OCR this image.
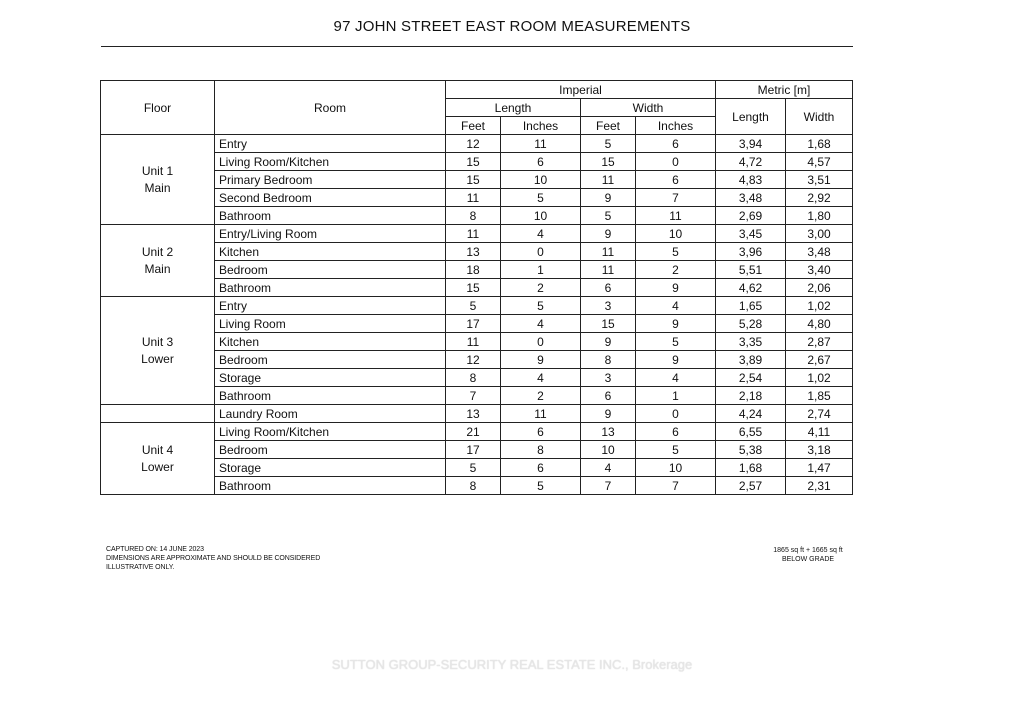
97 JOHN STREET EAST ROOM MEASUREMENTS
Floor	Room	Imperial				Metric [m]	
		Length		Width		Length	Width
		Feet	Inches	Feet	Inches		

Unit 1
Main	Entry	12	11	5	6	3,94	1,68
	Living Room/Kitchen	15	6	15	0	4,72	4,57
	Primary Bedroom	15	10	11	6	4,83	3,51
	Second Bedroom	11	5	9	7	3,48	2,92
	Bathroom	8	10	5	11	2,69	1,80

Unit 2
Main	Entry/Living Room	11	4	9	10	3,45	3,00
	Kitchen	13	0	11	5	3,96	3,48
	Bedroom	18	1	11	2	5,51	3,40
	Bathroom	15	2	6	9	4,62	2,06

Unit 3
Lower	Entry	5	5	3	4	1,65	1,02
	Living Room	17	4	15	9	5,28	4,80
	Kitchen	11	0	9	5	3,35	2,87
	Bedroom	12	9	8	9	3,89	2,67
	Storage	8	4	3	4	2,54	1,02
	Bathroom	7	2	6	1	2,18	1,85
	Laundry Room	13	11	9	0	4,24	2,74

Unit 4
Lower	Living Room/Kitchen	21	6	13	6	6,55	4,11
	Bedroom	17	8	10	5	5,38	3,18
	Storage	5	6	4	10	1,68	1,47
	Bathroom	8	5	7	7	2,57	2,31
CAPTURED ON: 14 JUNE 2023
DIMENSIONS ARE APPROXIMATE AND SHOULD BE CONSIDERED
ILLUSTRATIVE ONLY.
1865 sq ft + 1665 sq ft
BELOW GRADE
SUTTON GROUP-SECURITY REAL ESTATE INC., Brokerage
